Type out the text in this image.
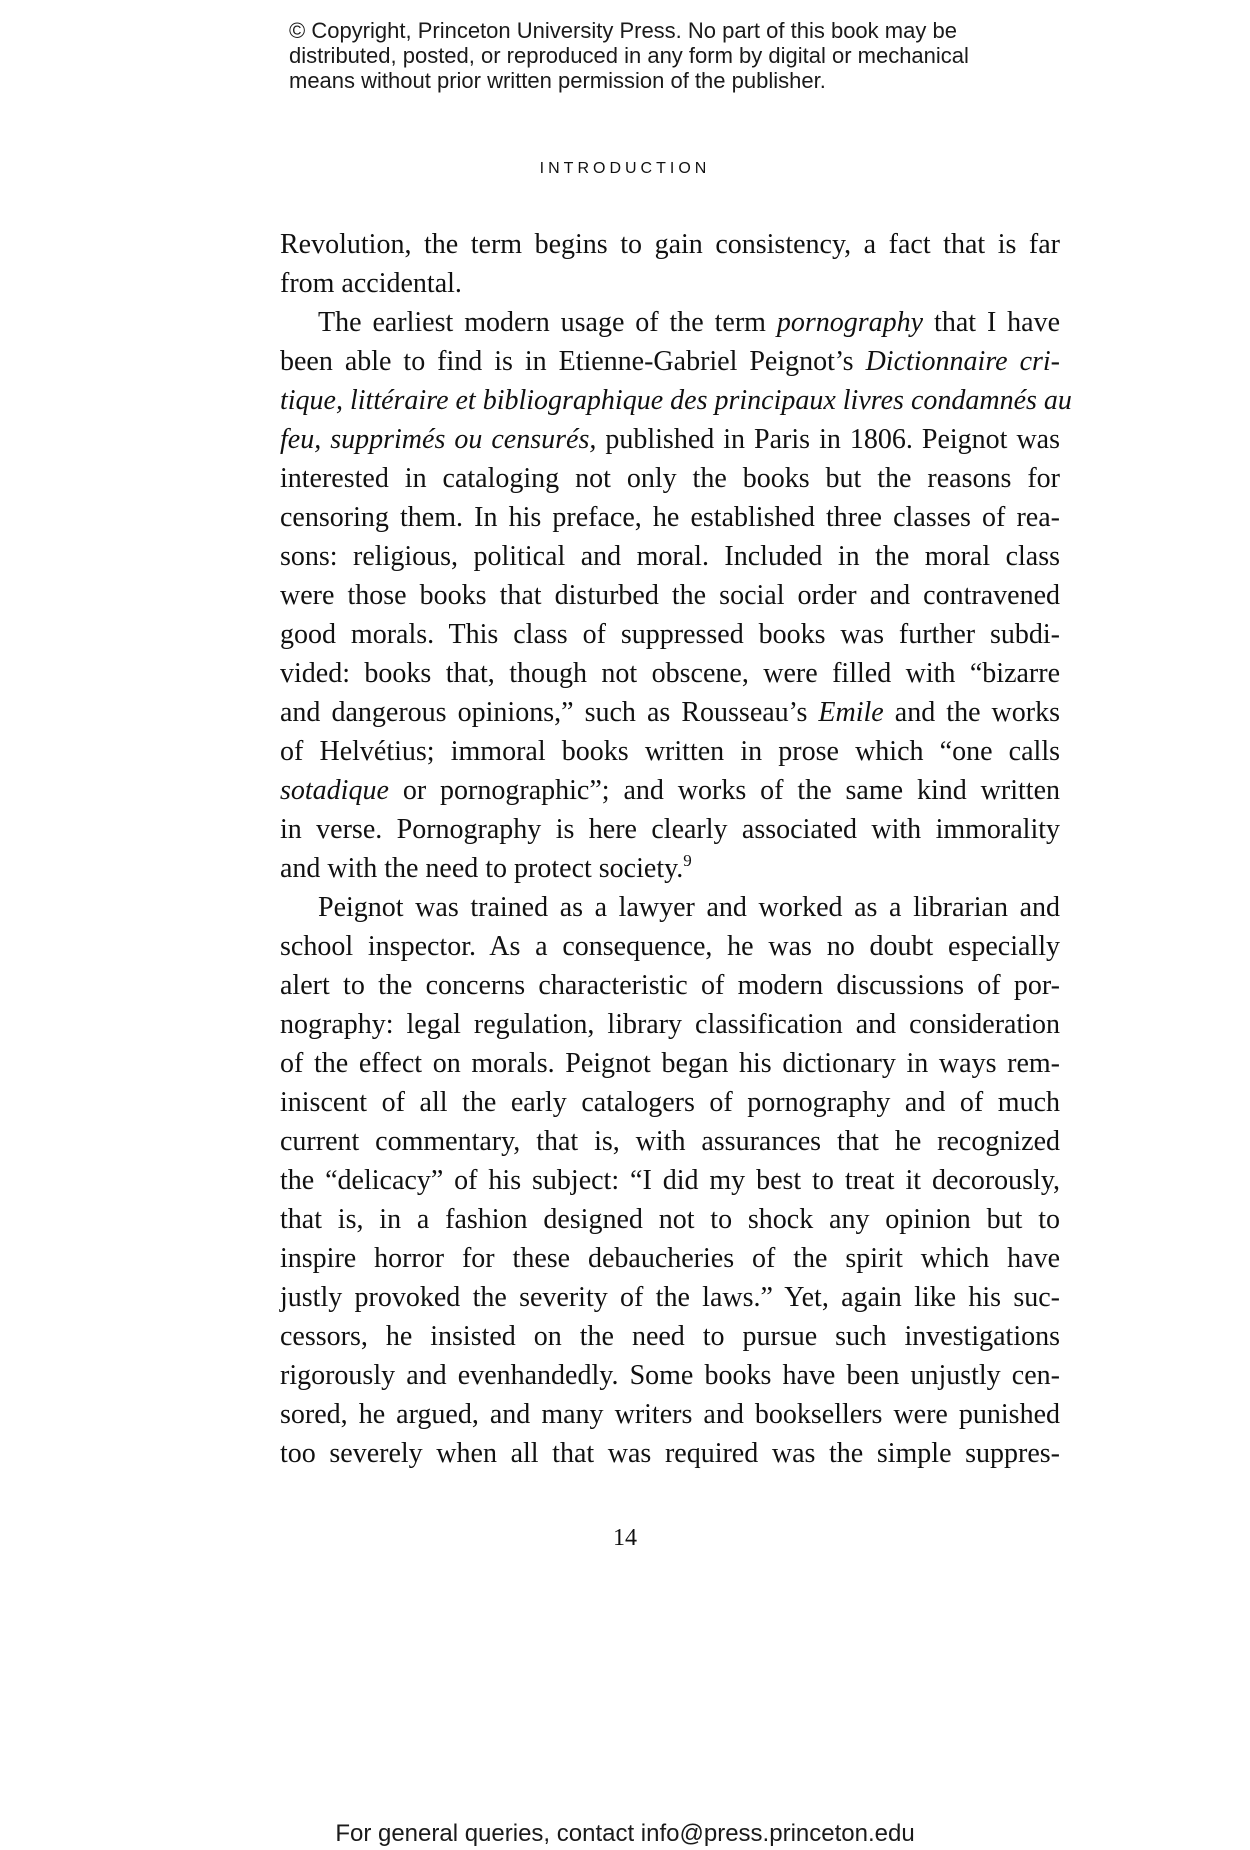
© Copyright, Princeton University Press. No part of this book may be
distributed, posted, or reproduced in any form by digital or mechanical
means without prior written permission of the publisher.
INTRODUCTION
Revolution, the term begins to gain consistency, a fact that is far
from accidental.
The earliest modern usage of the term pornography that I have
been able to find is in Etienne-Gabriel Peignot’s Dictionnaire cri-
tique, littéraire et bibliographique des principaux livres condamnés au
feu, supprimés ou censurés, published in Paris in 1806. Peignot was
interested in cataloging not only the books but the reasons for
censoring them. In his preface, he established three classes of rea-
sons: religious, political and moral. Included in the moral class
were those books that disturbed the social order and contravened
good morals. This class of suppressed books was further subdi-
vided: books that, though not obscene, were filled with “bizarre
and dangerous opinions,” such as Rousseau’s Emile and the works
of Helvétius; immoral books written in prose which “one calls
sotadique or pornographic”; and works of the same kind written
in verse. Pornography is here clearly associated with immorality
and with the need to protect society.$^9$
Peignot was trained as a lawyer and worked as a librarian and
school inspector. As a consequence, he was no doubt especially
alert to the concerns characteristic of modern discussions of por-
nography: legal regulation, library classification and consideration
of the effect on morals. Peignot began his dictionary in ways rem-
iniscent of all the early catalogers of pornography and of much
current commentary, that is, with assurances that he recognized
the “delicacy” of his subject: “I did my best to treat it decorously,
that is, in a fashion designed not to shock any opinion but to
inspire horror for these debaucheries of the spirit which have
justly provoked the severity of the laws.” Yet, again like his suc-
cessors, he insisted on the need to pursue such investigations
rigorously and evenhandedly. Some books have been unjustly cen-
sored, he argued, and many writers and booksellers were punished
too severely when all that was required was the simple suppres-
14
For general queries, contact info@press.princeton.edu
